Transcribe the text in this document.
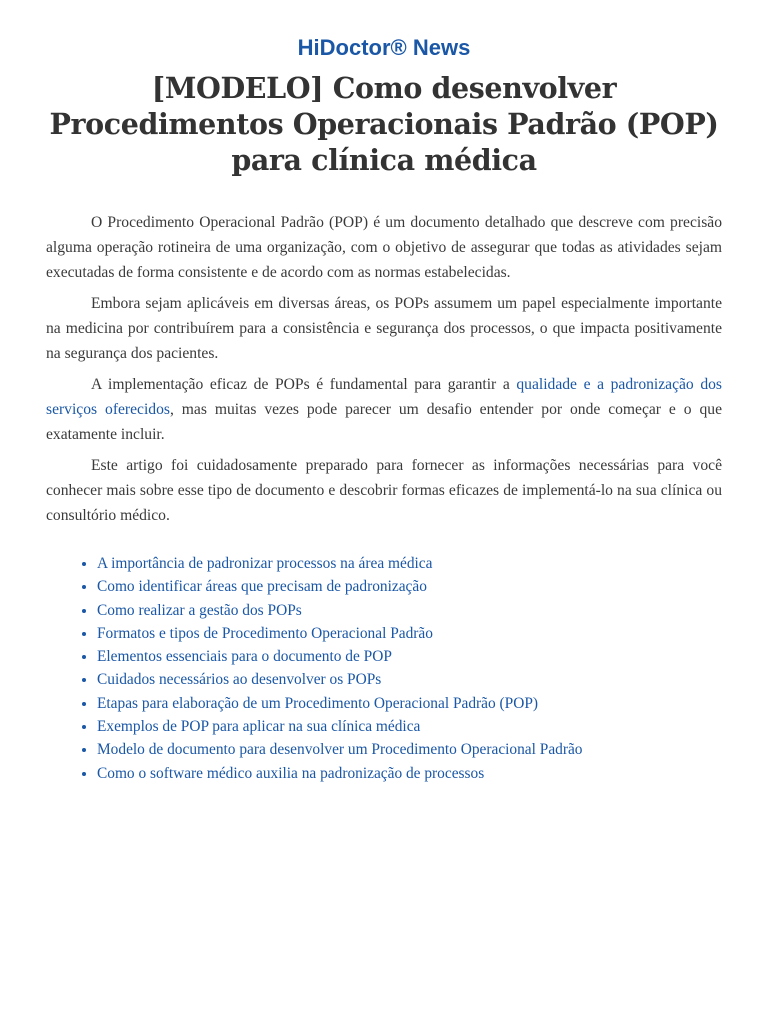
HiDoctor® News
[MODELO] Como desenvolver Procedimentos Operacionais Padrão (POP) para clínica médica

O Procedimento Operacional Padrão (POP) é um documento detalhado que descreve com precisão alguma operação rotineira de uma organização, com o objetivo de assegurar que todas as atividades sejam executadas de forma consistente e de acordo com as normas estabelecidas.

Embora sejam aplicáveis em diversas áreas, os POPs assumem um papel especialmente importante na medicina por contribuírem para a consistência e segurança dos processos, o que impacta positivamente na segurança dos pacientes.

A implementação eficaz de POPs é fundamental para garantir a qualidade e a padronização dos serviços oferecidos, mas muitas vezes pode parecer um desafio entender por onde começar e o que exatamente incluir.

Este artigo foi cuidadosamente preparado para fornecer as informações necessárias para você conhecer mais sobre esse tipo de documento e descobrir formas eficazes de implementá-lo na sua clínica ou consultório médico.

• A importância de padronizar processos na área médica
• Como identificar áreas que precisam de padronização
• Como realizar a gestão dos POPs
• Formatos e tipos de Procedimento Operacional Padrão
• Elementos essenciais para o documento de POP
• Cuidados necessários ao desenvolver os POPs
• Etapas para elaboração de um Procedimento Operacional Padrão (POP)
• Exemplos de POP para aplicar na sua clínica médica
• Modelo de documento para desenvolver um Procedimento Operacional Padrão
• Como o software médico auxilia na padronização de processos
